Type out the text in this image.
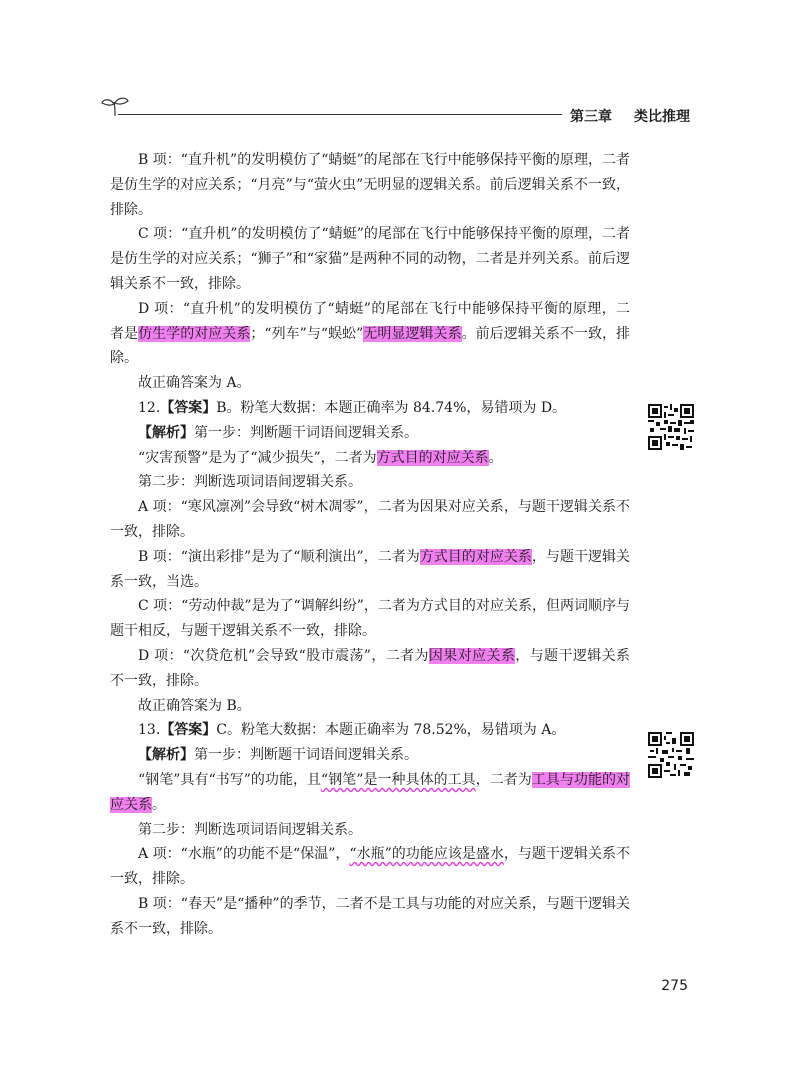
第三章 类比推理

B 项：“直升机”的发明模仿了“蜻蜓”的尾部在飞行中能够保持平衡的原理，二者是仿生学的对应关系；“月亮”与“萤火虫”无明显的逻辑关系。前后逻辑关系不一致，排除。

C 项：“直升机”的发明模仿了“蜻蜓”的尾部在飞行中能够保持平衡的原理，二者是仿生学的对应关系；“狮子”和“家猫”是两种不同的动物，二者是并列关系。前后逻辑关系不一致，排除。

D 项：“直升机”的发明模仿了“蜻蜓”的尾部在飞行中能够保持平衡的原理，二者是仿生学的对应关系；“列车”与“蜈蚣”无明显逻辑关系。前后逻辑关系不一致，排除。

故正确答案为 A。

12.【答案】B。粉笔大数据：本题正确率为 84.74%，易错项为 D。

【解析】第一步：判断题干词语间逻辑关系。

“灾害预警”是为了“减少损失”，二者为方式目的对应关系。

第二步：判断选项词语间逻辑关系。

A 项：“寒风凛冽”会导致“树木凋零”，二者为因果对应关系，与题干逻辑关系不一致，排除。

B 项：“演出彩排”是为了“顺利演出”，二者为方式目的对应关系，与题干逻辑关系一致，当选。

C 项：“劳动仲裁”是为了“调解纠纷”，二者为方式目的对应关系，但两词顺序与题干相反，与题干逻辑关系不一致，排除。

D 项：“次贷危机”会导致“股市震荡”，二者为因果对应关系，与题干逻辑关系不一致，排除。

故正确答案为 B。

13.【答案】C。粉笔大数据：本题正确率为 78.52%，易错项为 A。

【解析】第一步：判断题干词语间逻辑关系。

“钢笔”具有“书写”的功能，且“钢笔”是一种具体的工具，二者为工具与功能的对应关系。

第二步：判断选项词语间逻辑关系。

A 项：“水瓶”的功能不是“保温”，“水瓶”的功能应该是盛水，与题干逻辑关系不一致，排除。

B 项：“春天”是“播种”的季节，二者不是工具与功能的对应关系，与题干逻辑关系不一致，排除。

275
